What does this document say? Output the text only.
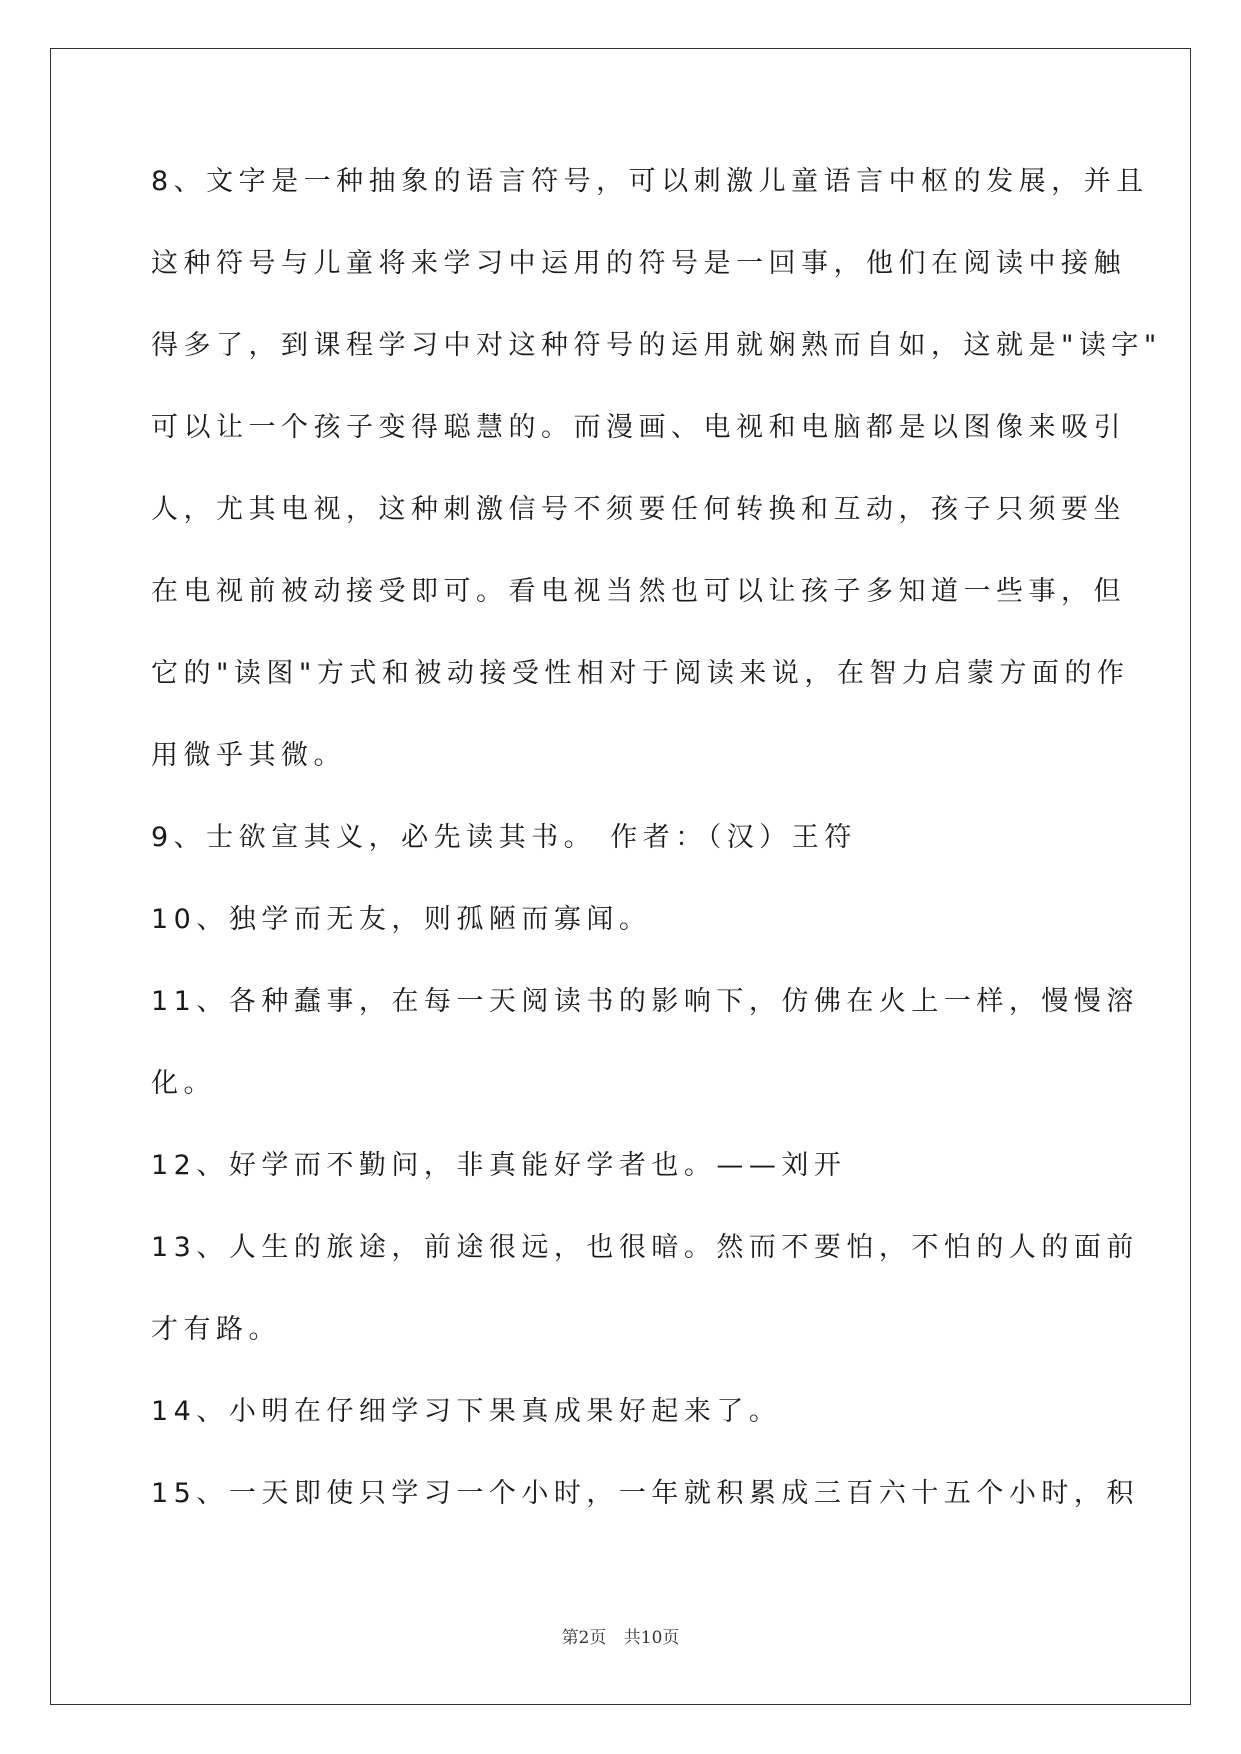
8、文字是一种抽象的语言符号，可以刺激儿童语言中枢的发展，并且
这种符号与儿童将来学习中运用的符号是一回事，他们在阅读中接触
得多了，到课程学习中对这种符号的运用就娴熟而自如，这就是"读字"
可以让一个孩子变得聪慧的。而漫画、电视和电脑都是以图像来吸引
人，尤其电视，这种刺激信号不须要任何转换和互动，孩子只须要坐
在电视前被动接受即可。看电视当然也可以让孩子多知道一些事，但
它的"读图"方式和被动接受性相对于阅读来说，在智力启蒙方面的作
用微乎其微。
9、士欲宣其义，必先读其书。 作者：（汉）王符
10、独学而无友，则孤陋而寡闻。
11、各种蠢事，在每一天阅读书的影响下，仿佛在火上一样，慢慢溶
化。
12、好学而不勤问，非真能好学者也。——刘开
13、人生的旅途，前途很远，也很暗。然而不要怕，不怕的人的面前
才有路。
14、小明在仔细学习下果真成果好起来了。
15、一天即使只学习一个小时，一年就积累成三百六十五个小时，积
第2页 共10页
